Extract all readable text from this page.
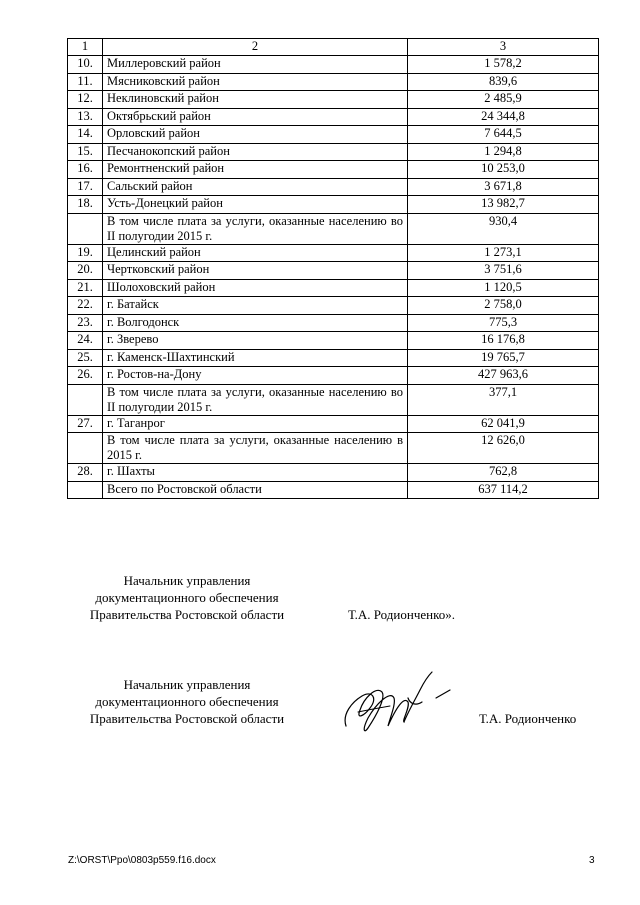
1	2	3
10.	Миллеровский район	1 578,2
11.	Мясниковский район	839,6
12.	Неклиновский район	2 485,9
13.	Октябрьский район	24 344,8
14.	Орловский район	7 644,5
15.	Песчанокопский район	1 294,8
16.	Ремонтненский район	10 253,0
17.	Сальский район	3 671,8
18.	Усть-Донецкий район	13 982,7
	В том числе плата за услуги, оказанные населению во II полугодии 2015 г.	930,4
19.	Целинский район	1 273,1
20.	Чертковский район	3 751,6
21.	Шолоховский район	1 120,5
22.	г. Батайск	2 758,0
23.	г. Волгодонск	775,3
24.	г. Зверево	16 176,8
25.	г. Каменск-Шахтинский	19 765,7
26.	г. Ростов-на-Дону	427 963,6
	В том числе плата за услуги, оказанные населению во II полугодии 2015 г.	377,1
27.	г. Таганрог	62 041,9
	В том числе плата за услуги, оказанные населению в 2015 г.	12 626,0
28.	г. Шахты	762,8
	Всего по Ростовской области	637 114,2
Начальник управления
документационного обеспечения
Правительства Ростовской области	Т.А. Родионченко».
Начальник управления
документационного обеспечения
Правительства Ростовской области	Т.А. Родионченко
Z:\ORST\Ppo\0803p559.f16.docx	3
